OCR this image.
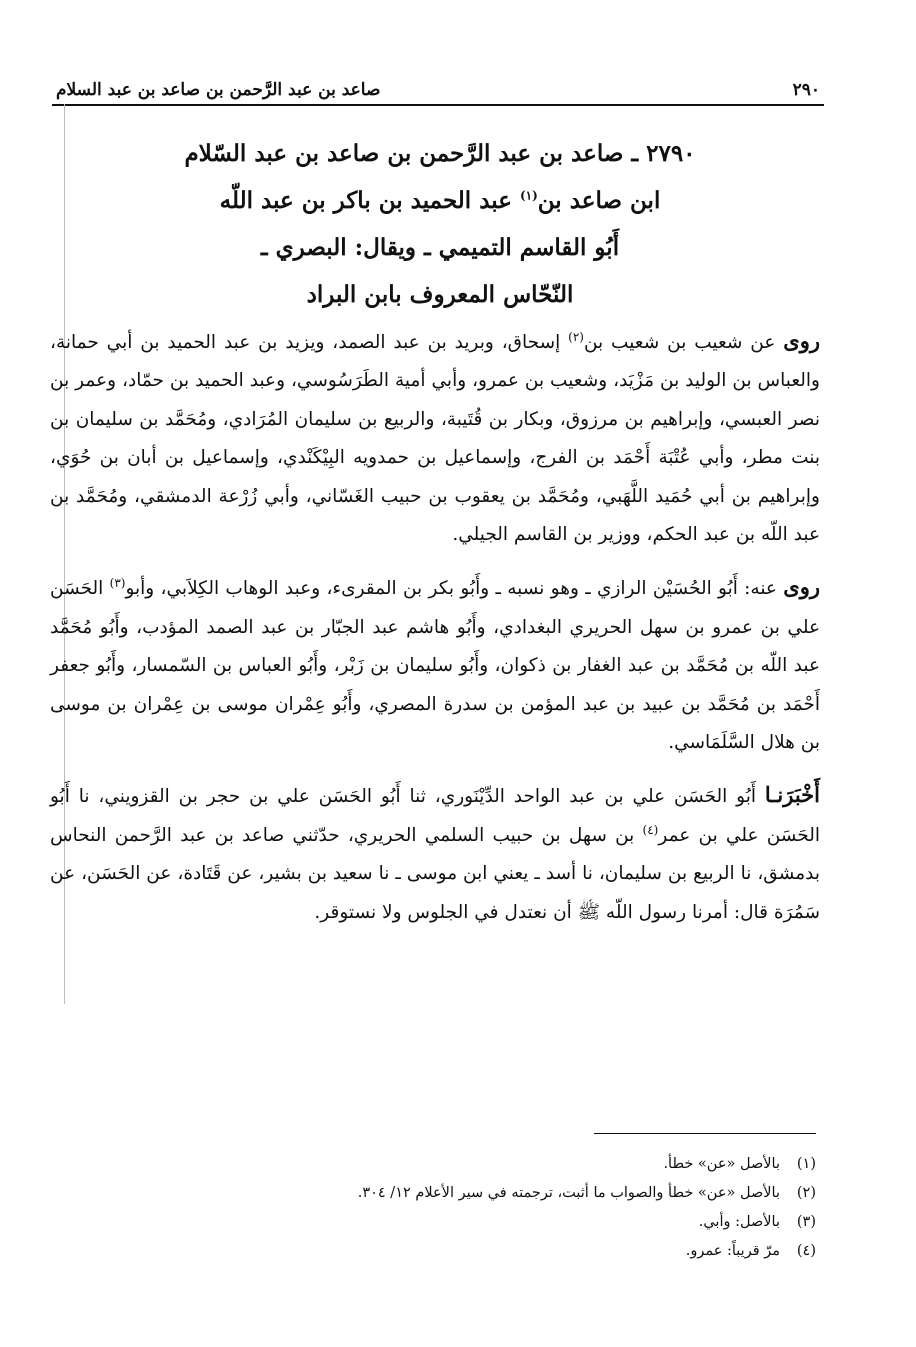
٢٩٠
صاعد بن عبد الرَّحمن بن صاعد بن عبد السلام
٢٧٩٠ ـ صاعد بن عبد الرَّحمن بن صاعد بن عبد السّلام
ابن صاعد بن$^{(١)}$ عبد الحميد بن باكر بن عبد اللّه
أَبُو القاسم التميمي ـ ويقال: البصري ـ
النّحّاس المعروف بابن البراد

روى عن شعيب بن شعيب بن$^{(٢)}$ إسحاق، وبريد بن عبد الصمد، ويزيد بن عبد الحميد بن أبي حمانة، والعباس بن الوليد بن مَزْيَد، وشعيب بن عمرو، وأبي أمية الطَرَسُوسي، وعبد الحميد بن حمّاد، وعمر بن نصر العبسي، وإبراهيم بن مرزوق، وبكار بن قُتَيبة، والربيع بن سليمان المُرَادي، ومُحَمَّد بن سليمان بن بنت مطر، وأبي عُتْبَة أَحْمَد بن الفرج، وإسماعيل بن حمدويه البِيْكَنْدي، وإسماعيل بن أبان بن حُوَي، وإبراهيم بن أبي حُمَيد اللَّهَبي، ومُحَمَّد بن يعقوب بن حبيب الغَسّاني، وأبي زُرْعة الدمشقي، ومُحَمَّد بن عبد اللّه بن عبد الحكم، ووزير بن القاسم الجيلي.

روى عنه: أَبُو الحُسَيْن الرازي ـ وهو نسبه ـ وأَبُو بكر بن المقرىء، وعبد الوهاب الكِلاَبي، وأبو$^{(٣)}$ الحَسَن علي بن عمرو بن سهل الحريري البغدادي، وأَبُو هاشم عبد الجبّار بن عبد الصمد المؤدب، وأَبُو مُحَمَّد عبد اللّه بن مُحَمَّد بن عبد الغفار بن ذكوان، وأَبُو سليمان بن زَبْر، وأَبُو العباس بن السّمسار، وأَبُو جعفر أَحْمَد بن مُحَمَّد بن عبيد بن عبد المؤمن بن سدرة المصري، وأَبُو عِمْران موسى بن عِمْران بن موسى بن هلال السَّلَمَاسي.

أَخْبَرَنـا أَبُو الحَسَن علي بن عبد الواحد الدِّيْنَوري، ثنا أَبُو الحَسَن علي بن حجر بن القزويني، نا أَبُو الحَسَن علي بن عمر$^{(٤)}$ بن سهل بن حبيب السلمي الحريري، حدّثني صاعد بن عبد الرَّحمن النحاس بدمشق، نا الربيع بن سليمان، نا أسد ـ يعني ابن موسى ـ نا سعيد بن بشير، عن قَتَادة، عن الحَسَن، عن سَمُرَة قال: أمرنا رسول اللّه ﷺ أن نعتدل في الجلوس ولا نستوقر.

(١)
بالأصل «عن» خطأ.
(٢)
بالأصل «عن» خطأ والصواب ما أثبت، ترجمته في سير الأعلام ١٢/ ٣٠٤.
(٣)
بالأصل: وأبي.
(٤)
مرّ قريباً: عمرو.
